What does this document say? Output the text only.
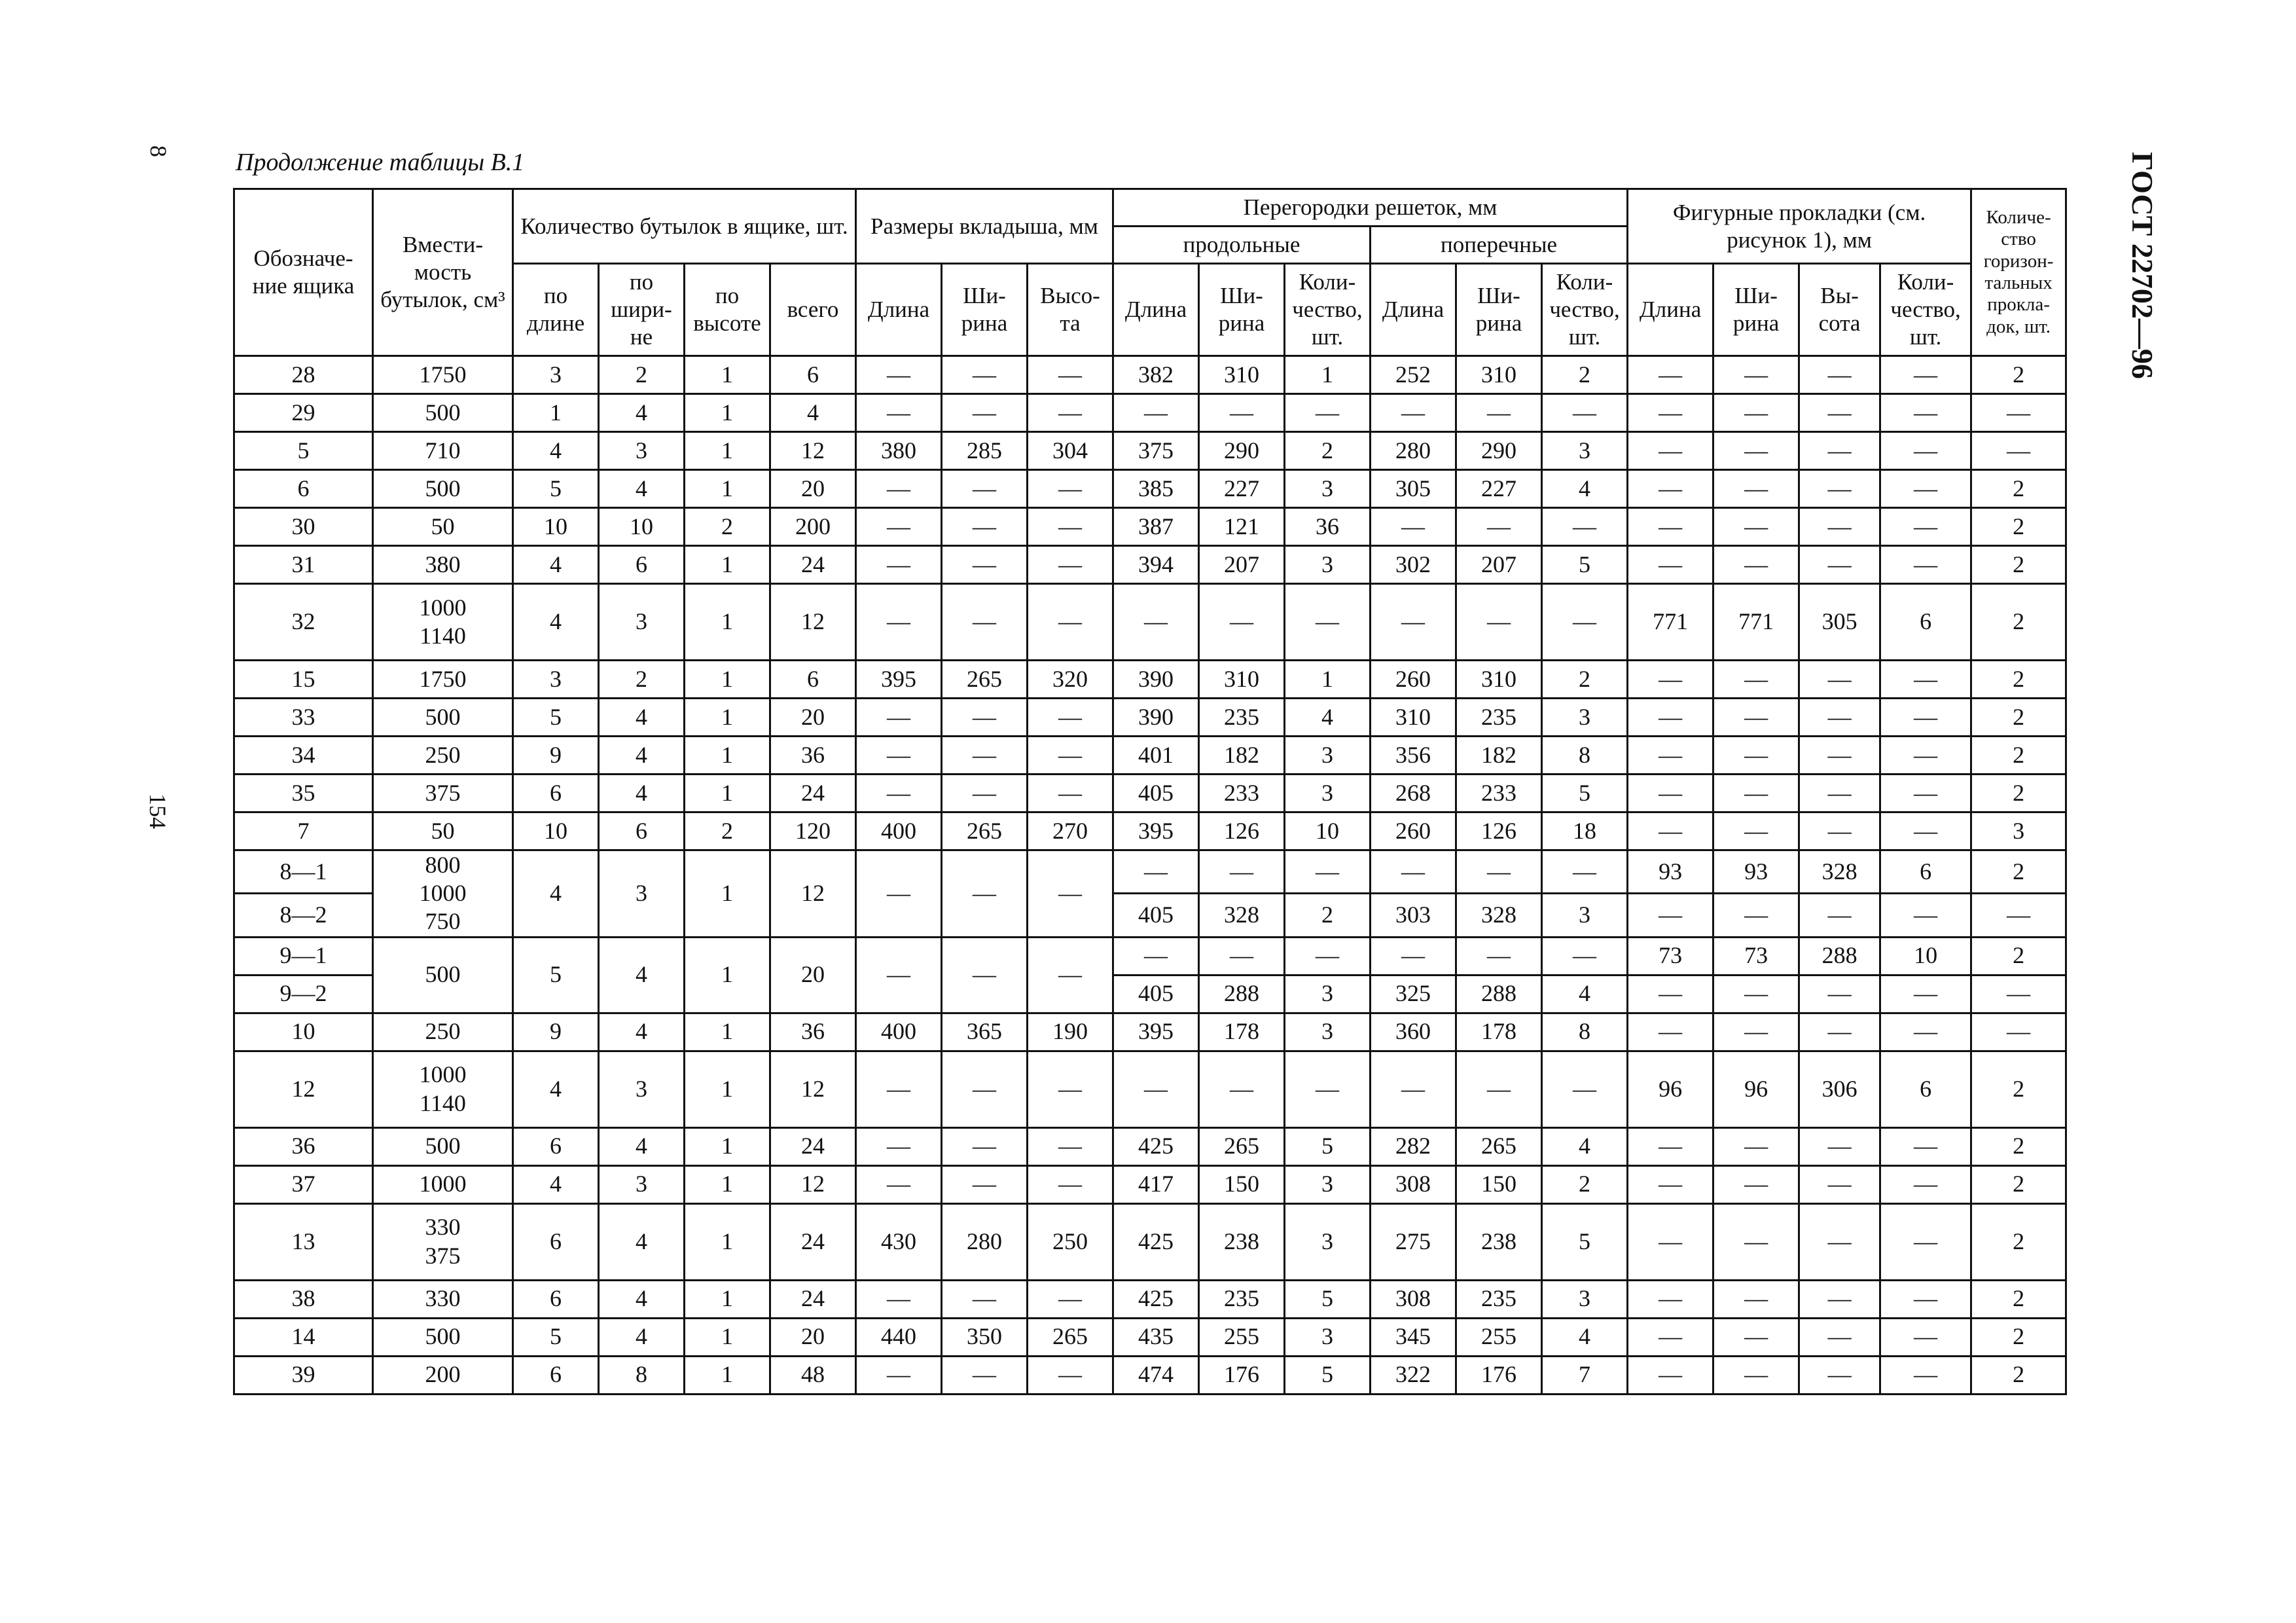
8
154
Продолжение таблицы В.1	ГОСТ 22702—96
Обозначе-ние ящика	Вмести-мость бутылок, см³	Количество бутылок в ящике, шт.				Размеры вкладыша, мм			Перегородки решеток, мм						Фигурные прокладки (см. рисунок 1), мм				Количе-ство горизон-тальных прокла-док, шт.
									продольные			поперечные							
		по длине	по шири-не	по высоте	всего	Длина	Ши-рина	Высо-та	Длина	Ши-рина	Коли-чество, шт.	Длина	Ши-рина	Коли-чество, шт.	Длина	Ши-рина	Вы-сота	Коли-чество, шт.	
28	1750	3	2	1	6	—	—	—	382	310	1	252	310	2	—	—	—	—	2
29	500	1	4	1	4	—	—	—	—	—	—	—	—	—	—	—	—	—	—
5	710	4	3	1	12	380	285	304	375	290	2	280	290	3	—	—	—	—	—
6	500	5	4	1	20	—	—	—	385	227	3	305	227	4	—	—	—	—	2
30	50	10	10	2	200	—	—	—	387	121	36	—	—	—	—	—	—	—	2
31	380	4	6	1	24	—	—	—	394	207	3	302	207	5	—	—	—	—	2
32	1000
1140	4	3	1	12	—	—	—	—	—	—	—	—	—	771	771	305	6	2
15	1750	3	2	1	6	395	265	320	390	310	1	260	310	2	—	—	—	—	2
33	500	5	4	1	20	—	—	—	390	235	4	310	235	3	—	—	—	—	2
34	250	9	4	1	36	—	—	—	401	182	3	356	182	8	—	—	—	—	2
35	375	6	4	1	24	—	—	—	405	233	3	268	233	5	—	—	—	—	2
7	50	10	6	2	120	400	265	270	395	126	10	260	126	18	—	—	—	—	3
8—1	800
1000
750	4	3	1	12	—	—	—	—	—	—	—	—	—	93	93	328	6	2
8—2									405	328	2	303	328	3	—	—	—	—	—
9—1	500	5	4	1	20	—	—	—	—	—	—	—	—	—	73	73	288	10	2
9—2									405	288	3	325	288	4	—	—	—	—	—
10	250	9	4	1	36	400	365	190	395	178	3	360	178	8	—	—	—	—	—
12	1000
1140	4	3	1	12	—	—	—	—	—	—	—	—	—	96	96	306	6	2
36	500	6	4	1	24	—	—	—	425	265	5	282	265	4	—	—	—	—	2
37	1000	4	3	1	12	—	—	—	417	150	3	308	150	2	—	—	—	—	2
13	330
375	6	4	1	24	430	280	250	425	238	3	275	238	5	—	—	—	—	2
38	330	6	4	1	24	—	—	—	425	235	5	308	235	3	—	—	—	—	2
14	500	5	4	1	20	440	350	265	435	255	3	345	255	4	—	—	—	—	2
39	200	6	8	1	48	—	—	—	474	176	5	322	176	7	—	—	—	—	2
